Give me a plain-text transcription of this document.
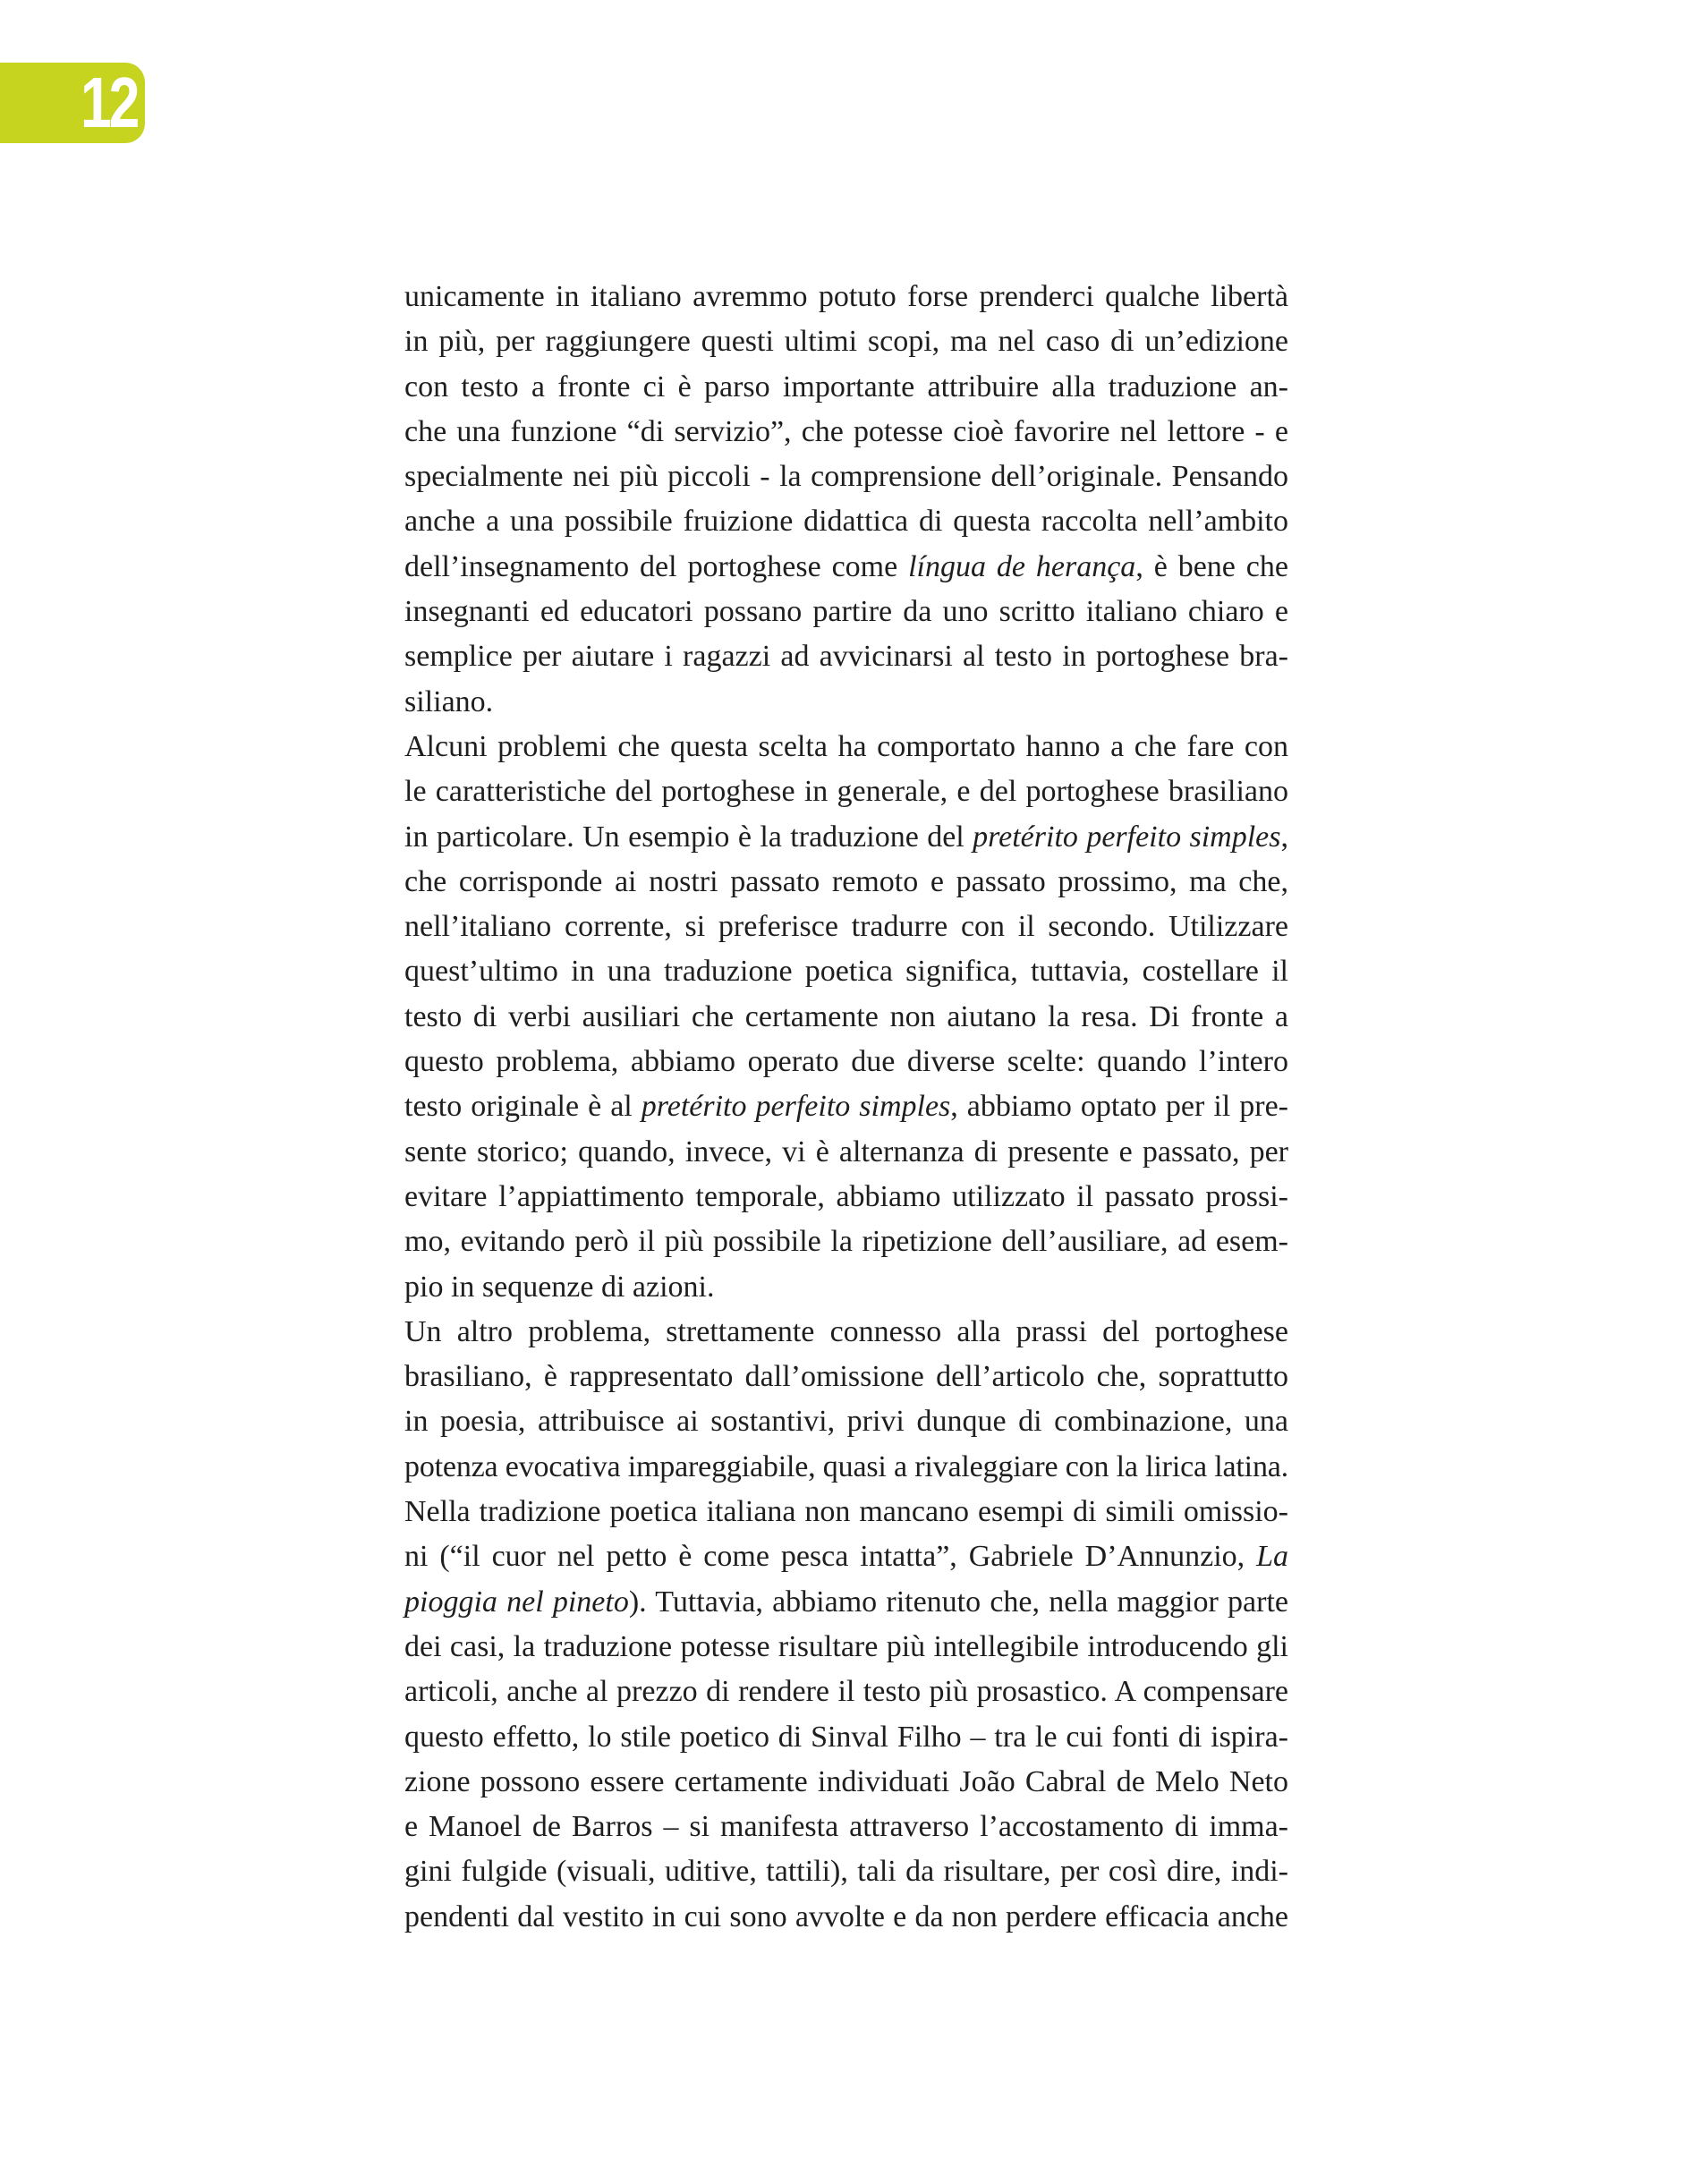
12
unicamente in italiano avremmo potuto forse prenderci qualche libertà
in più, per raggiungere questi ultimi scopi, ma nel caso di un’edizione
con testo a fronte ci è parso importante attribuire alla traduzione an-
che una funzione “di servizio”, che potesse cioè favorire nel lettore - e
specialmente nei più piccoli - la comprensione dell’originale. Pensando
anche a una possibile fruizione didattica di questa raccolta nell’ambito
dell’insegnamento del portoghese come língua de herança, è bene che
insegnanti ed educatori possano partire da uno scritto italiano chiaro e
semplice per aiutare i ragazzi ad avvicinarsi al testo in portoghese bra-
siliano.
Alcuni problemi che questa scelta ha comportato hanno a che fare con
le caratteristiche del portoghese in generale, e del portoghese brasiliano
in particolare. Un esempio è la traduzione del pretérito perfeito simples,
che corrisponde ai nostri passato remoto e passato prossimo, ma che,
nell’italiano corrente, si preferisce tradurre con il secondo. Utilizzare
quest’ultimo in una traduzione poetica significa, tuttavia, costellare il
testo di verbi ausiliari che certamente non aiutano la resa. Di fronte a
questo problema, abbiamo operato due diverse scelte: quando l’intero
testo originale è al pretérito perfeito simples, abbiamo optato per il pre-
sente storico; quando, invece, vi è alternanza di presente e passato, per
evitare l’appiattimento temporale, abbiamo utilizzato il passato prossi-
mo, evitando però il più possibile la ripetizione dell’ausiliare, ad esem-
pio in sequenze di azioni.
Un altro problema, strettamente connesso alla prassi del portoghese
brasiliano, è rappresentato dall’omissione dell’articolo che, soprattutto
in poesia, attribuisce ai sostantivi, privi dunque di combinazione, una
potenza evocativa impareggiabile, quasi a rivaleggiare con la lirica latina.
Nella tradizione poetica italiana non mancano esempi di simili omissio-
ni (“il cuor nel petto è come pesca intatta”, Gabriele D’Annunzio, La
pioggia nel pineto). Tuttavia, abbiamo ritenuto che, nella maggior parte
dei casi, la traduzione potesse risultare più intellegibile introducendo gli
articoli, anche al prezzo di rendere il testo più prosastico. A compensare
questo effetto, lo stile poetico di Sinval Filho – tra le cui fonti di ispira-
zione possono essere certamente individuati João Cabral de Melo Neto
e Manoel de Barros – si manifesta attraverso l’accostamento di imma-
gini fulgide (visuali, uditive, tattili), tali da risultare, per così dire, indi-
pendenti dal vestito in cui sono avvolte e da non perdere efficacia anche
